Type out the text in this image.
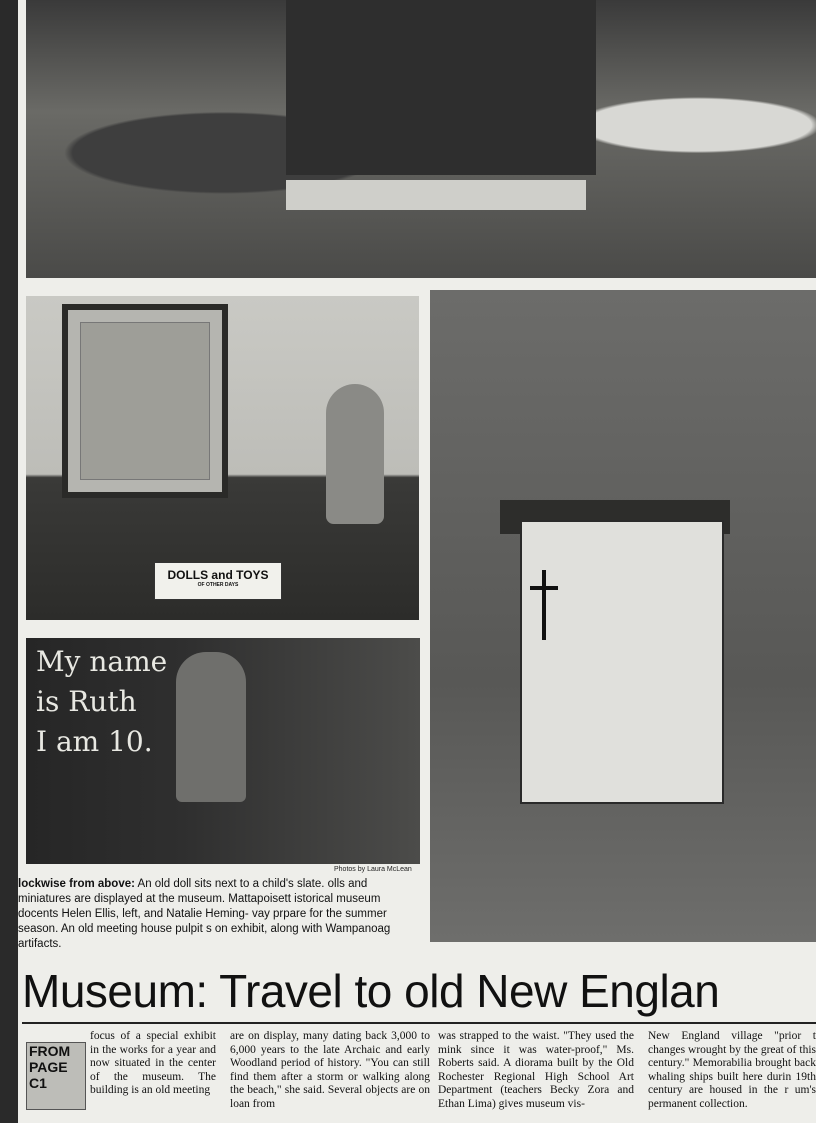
DOLLS and TOYS
OF OTHER DAYS
My name
is Ruth
I am 10.
Photos by Laura McLean
lockwise from above: An old doll sits next to a child's slate. olls and miniatures are displayed at the museum. Mattapoisett istorical museum docents Helen Ellis, left, and Natalie Heming- vay prpare for the summer season. An old meeting house pulpit s on exhibit, along with Wampanoag artifacts.
Museum: Travel to old New Englan
FROM
PAGE
C1

focus of a special exhibit in the works for a year and now situated in the center of the museum. The building is an old meeting

are on display, many dating back 3,000 to 6,000 years to the late Archaic and early Woodland period of history. "You can still find them after a storm or walking along the beach," she said. Several objects are on loan from

was strapped to the waist. "They used the mink since it was water-proof," Ms. Roberts said. A diorama built by the Old Rochester Regional High School Art Department (teachers Becky Zora and Ethan Lima) gives museum vis-

New England village "prior t changes wrought by the great of this century." Memorabilia brought back whaling ships built here durin 19th century are housed in the r um's permanent collection.
